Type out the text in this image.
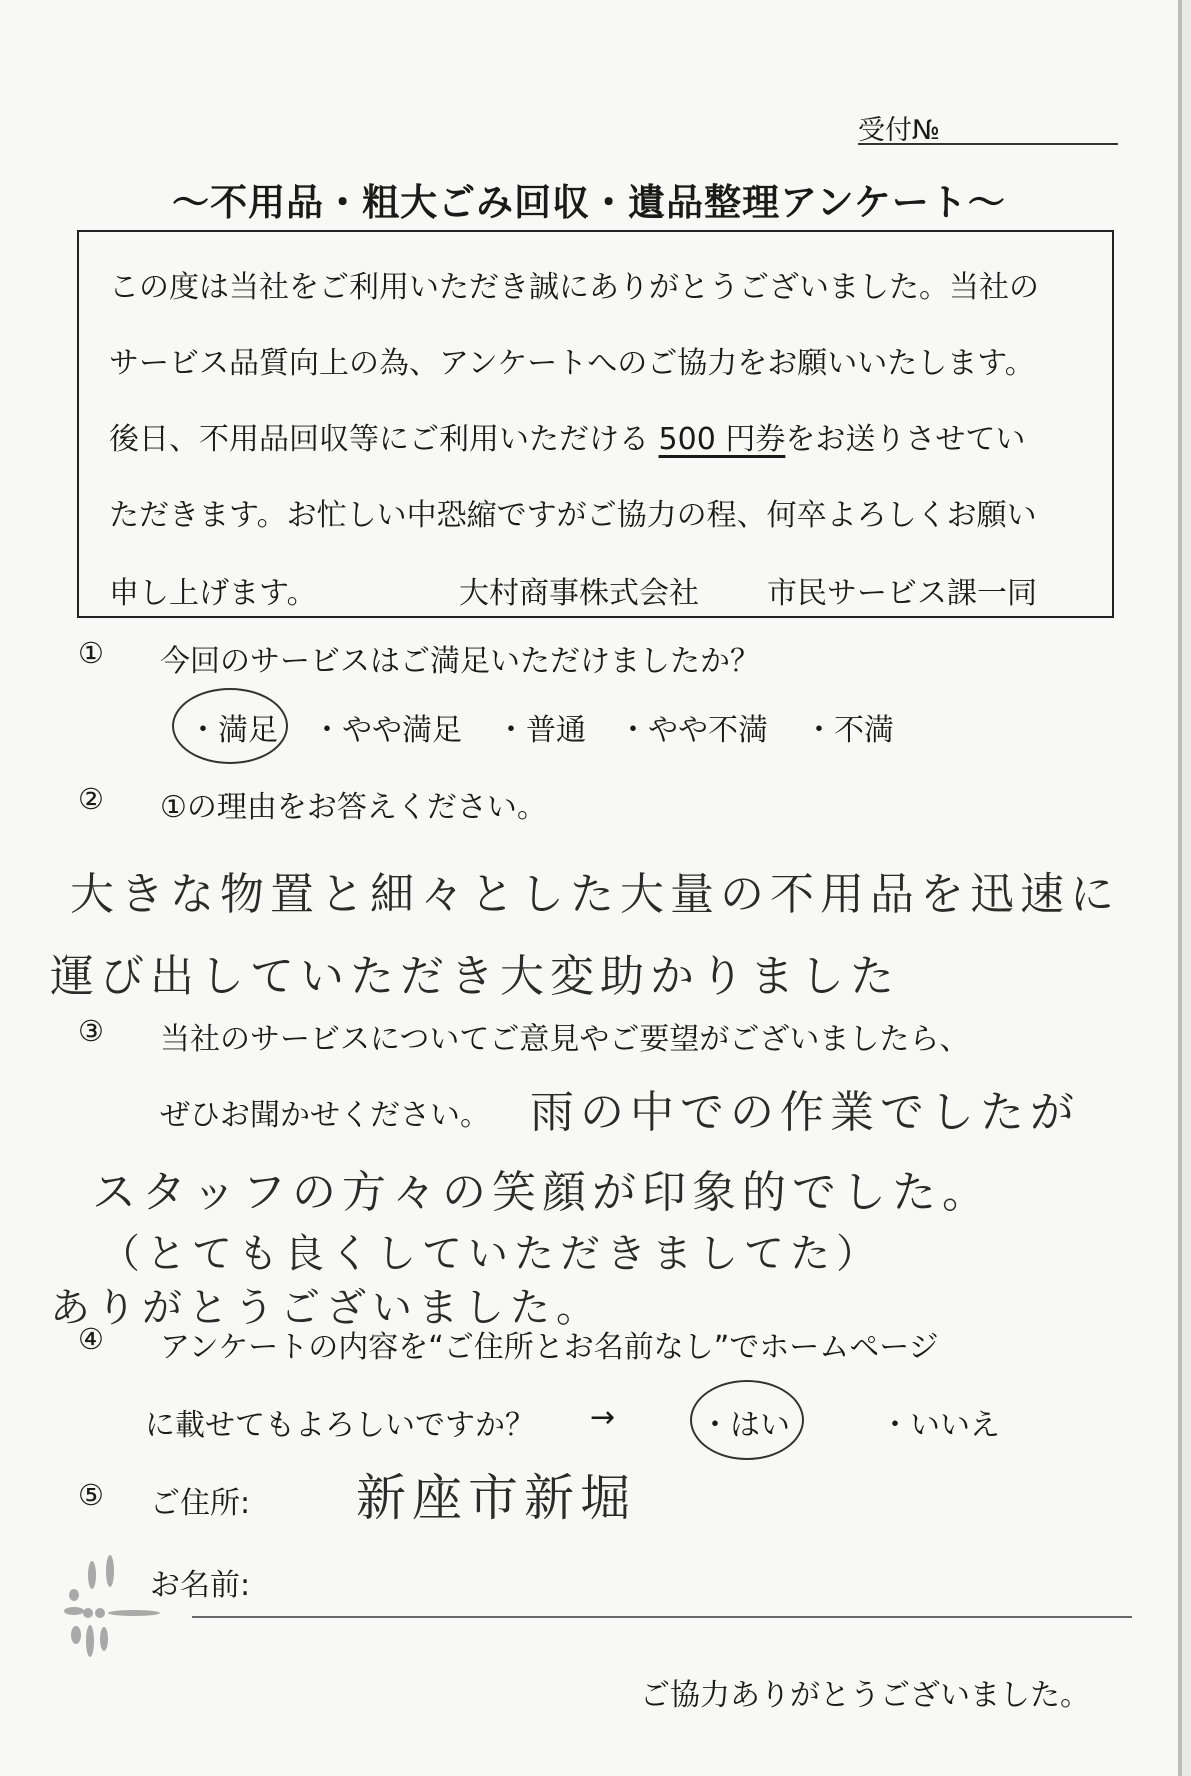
受付№
〜不用品・粗大ごみ回収・遺品整理アンケート〜
この度は当社をご利用いただき誠にありがとうございました。当社の
サービス品質向上の為、アンケートへのご協力をお願いいたします。
後日、不用品回収等にご利用いただける 500 円券をお送りさせてい
ただきます。お忙しい中恐縮ですがご協力の程、何卒よろしくお願い
申し上げます。	大村商事株式会社 市民サービス課一同
① 今回のサービスはご満足いただけましたか？
・満足 ・やや満足 ・普通 ・やや不満 ・不満
② ①の理由をお答えください。
大きな物置と細々とした大量の不用品を迅速に
運び出していただき大変助かりました
③ 当社のサービスについてご意見やご要望がございましたら、
ぜひお聞かせください。 雨の中での作業でしたが
スタッフの方々の笑顔が印象的でした。
（とても良くしていただきましてた）
ありがとうございました。
④ アンケートの内容を“ご住所とお名前なし”でホームページ
に載せてもよろしいですか？ →	・はい	・いいえ
⑤ ご住所: 新座市新堀
お名前:
ご協力ありがとうございました。
